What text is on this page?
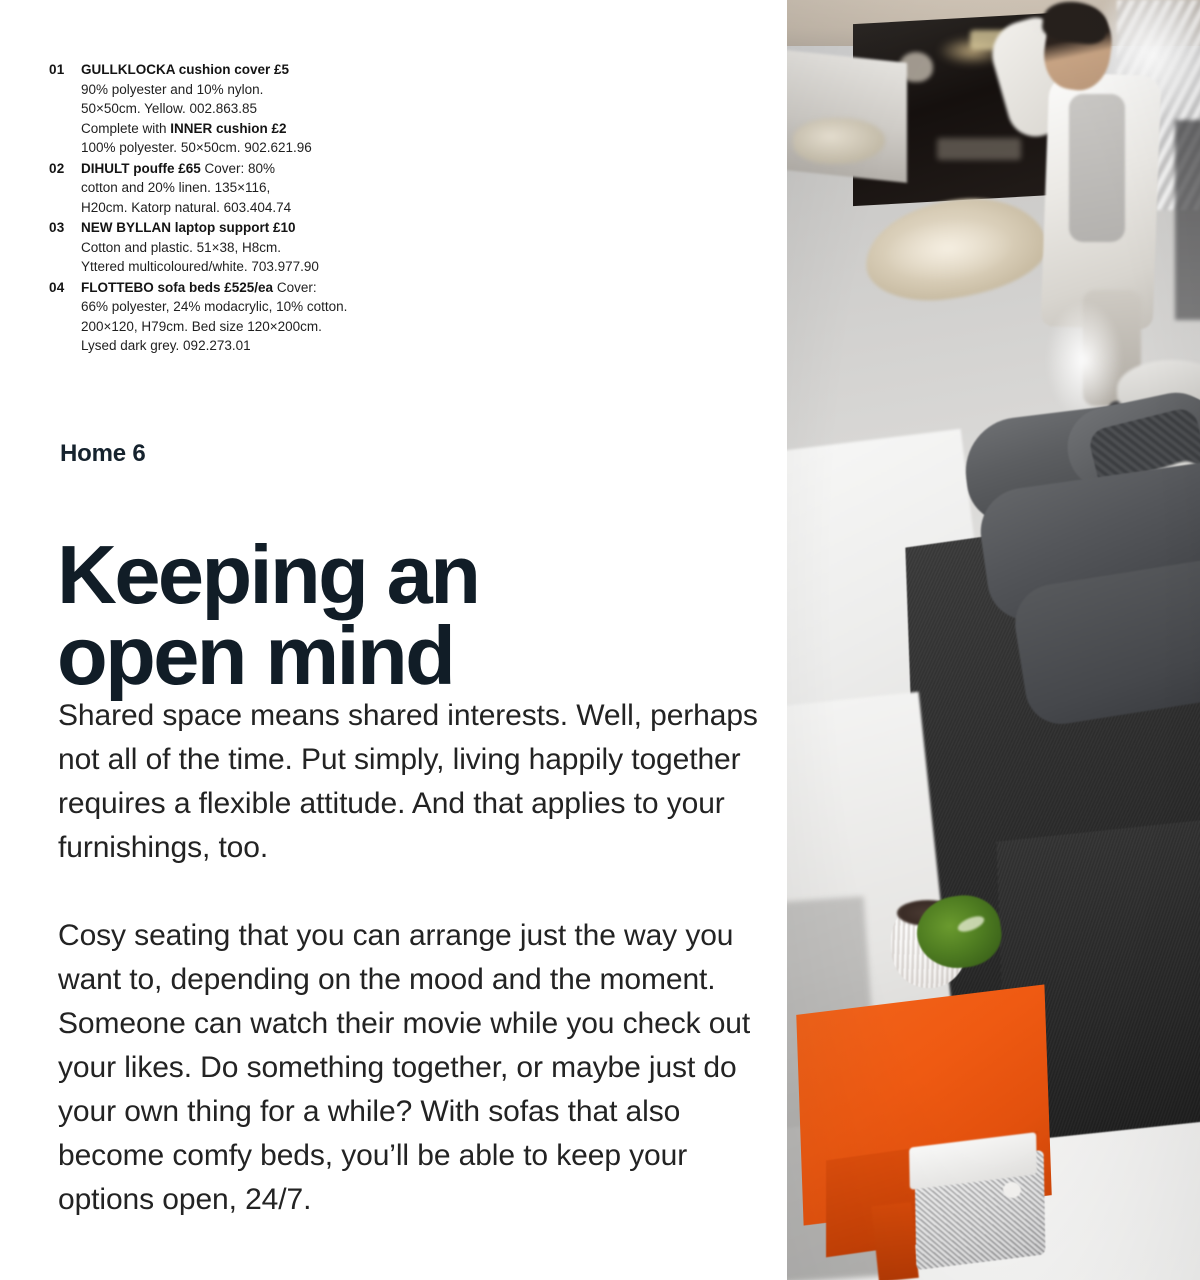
01	GULLKLOCKA cushion cover £5
90% polyester and 10% nylon.
50×50cm. Yellow. 002.863.85
Complete with INNER cushion £2
100% polyester. 50×50cm. 902.621.96
02	DIHULT pouffe £65 Cover: 80%
cotton and 20% linen. 135×116,
H20cm. Katorp natural. 603.404.74
03	NEW BYLLAN laptop support £10
Cotton and plastic. 51×38, H8cm.
Yttered multicoloured/white. 703.977.90
04	FLOTTEBO sofa beds £525/ea Cover:
66% polyester, 24% modacrylic, 10% cotton.
200×120, H79cm. Bed size 120×200cm.
Lysed dark grey. 092.273.01
Home 6
Keeping an
open mind

Shared space means shared interests. Well, perhaps not all of the time. Put simply, living happily together requires a flexible attitude. And that applies to your furnishings, too.

Cosy seating that you can arrange just the way you want to, depending on the mood and the moment. Someone can watch their movie while you check out your likes. Do something together, or maybe just do your own thing for a while? With sofas that also become comfy beds, you’ll be able to keep your options open, 24/7.
